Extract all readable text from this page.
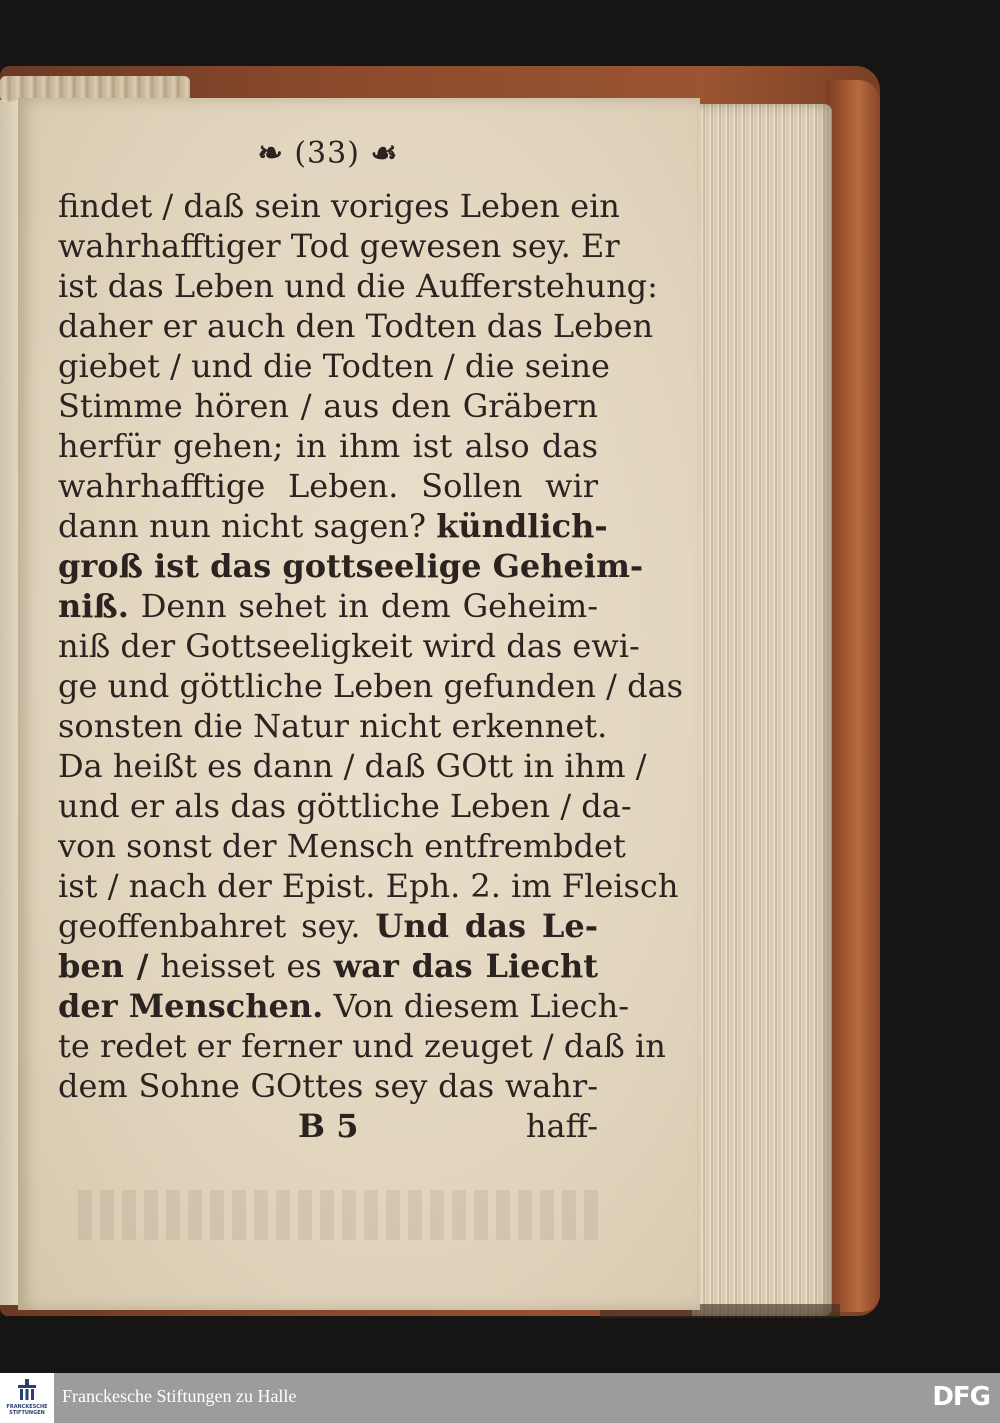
❧ (33) ☙
findet / daß sein voriges Leben ein
wahrhafftiger Tod gewesen sey. Er
ist das Leben und die Aufferstehung:
daher er auch den Todten das Leben
giebet / und die Todten / die seine
Stimme hören / aus den Gräbern
herfür gehen; in ihm ist also das
wahrhafftige Leben. Sollen wir
dann nun nicht sagen? kündlich-
groß ist das gottseelige Geheim-
niß. Denn sehet in dem Geheim-
niß der Gottseeligkeit wird das ewi-
ge und göttliche Leben gefunden / das
sonsten die Natur nicht erkennet.
Da heißt es dann / daß GOtt in ihm /
und er als das göttliche Leben / da-
von sonst der Mensch entfrembdet
ist / nach der Epist. Eph. 2. im Fleisch
geoffenbahret sey. Und das Le-
ben / heisset es war das Liecht
der Menschen. Von diesem Liech-
te redet er ferner und zeuget / daß in
dem Sohne GOttes sey das wahr-
B 5	haff-
FRANCKESCHE STIFTUNGEN
Franckesche Stiftungen zu Halle	DFG
